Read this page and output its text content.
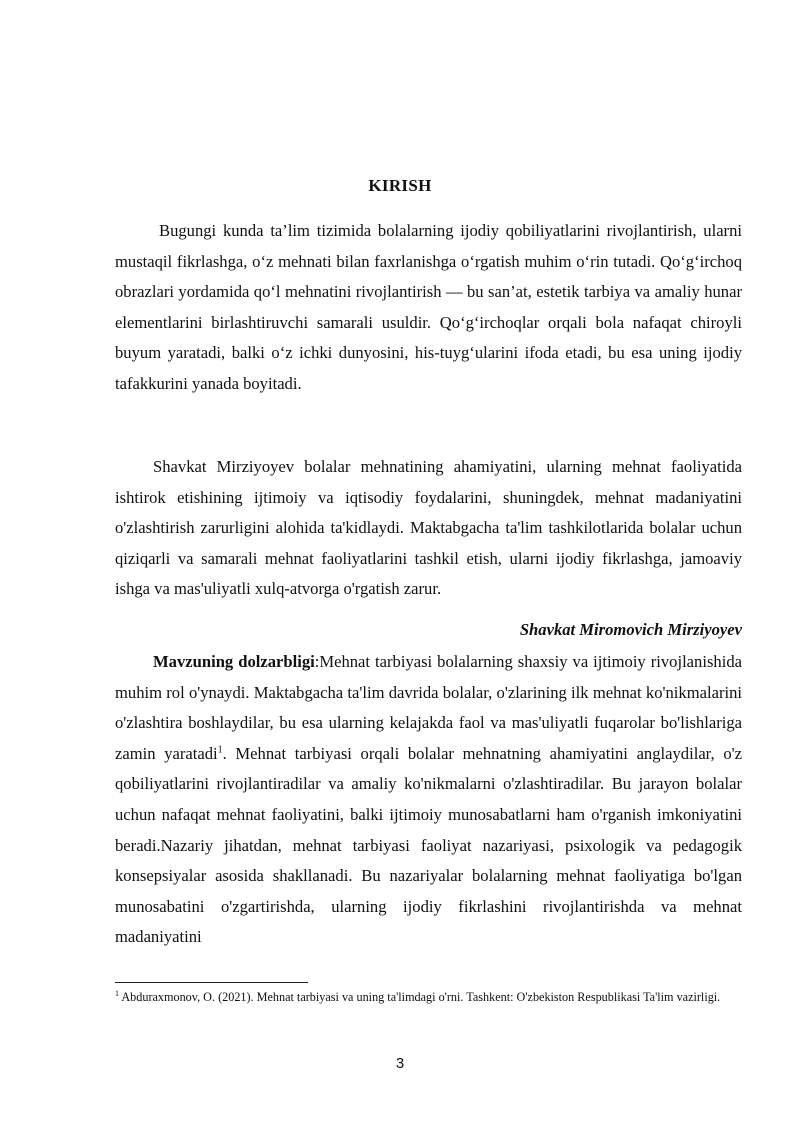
KIRISH

Bugungi kunda ta’lim tizimida bolalarning ijodiy qobiliyatlarini rivojlantirish, ularni mustaqil fikrlashga, o‘z mehnati bilan faxrlanishga o‘rgatish muhim o‘rin tutadi. Qo‘g‘irchoq obrazlari yordamida qo‘l mehnatini rivojlantirish — bu san’at, estetik tarbiya va amaliy hunar elementlarini birlashtiruvchi samarali usuldir. Qo‘g‘irchoqlar orqali bola nafaqat chiroyli buyum yaratadi, balki o‘z ichki dunyosini, his-tuyg‘ularini ifoda etadi, bu esa uning ijodiy tafakkurini yanada boyitadi.

Shavkat Mirziyoyev bolalar mehnatining ahamiyatini, ularning mehnat faoliyatida ishtirok etishining ijtimoiy va iqtisodiy foydalarini, shuningdek, mehnat madaniyatini o'zlashtirish zarurligini alohida ta'kidlaydi. Maktabgacha ta'lim tashkilotlarida bolalar uchun qiziqarli va samarali mehnat faoliyatlarini tashkil etish, ularni ijodiy fikrlashga, jamoaviy ishga va mas'uliyatli xulq-atvorga o'rgatish zarur.

Shavkat Miromovich Mirziyoyev

Mavzuning dolzarbligi:Mehnat tarbiyasi bolalarning shaxsiy va ijtimoiy rivojlanishida muhim rol o'ynaydi. Maktabgacha ta'lim davrida bolalar, o'zlarining ilk mehnat ko'nikmalarini o'zlashtira boshlaydilar, bu esa ularning kelajakda faol va mas'uliyatli fuqarolar bo'lishlariga zamin yaratadi$^1$. Mehnat tarbiyasi orqali bolalar mehnatning ahamiyatini anglaydilar, o'z qobiliyatlarini rivojlantiradilar va amaliy ko'nikmalarni o'zlashtiradilar. Bu jarayon bolalar uchun nafaqat mehnat faoliyatini, balki ijtimoiy munosabatlarni ham o'rganish imkoniyatini beradi.Nazariy jihatdan, mehnat tarbiyasi faoliyat nazariyasi, psixologik va pedagogik konsepsiyalar asosida shakllanadi. Bu nazariyalar bolalarning mehnat faoliyatiga bo'lgan munosabatini o'zgartirishda, ularning ijodiy fikrlashini rivojlantirishda va mehnat madaniyatini

$^1$ Abduraxmonov, O. (2021). Mehnat tarbiyasi va uning ta'limdagi o'rni. Tashkent: O'zbekiston Respublikasi Ta'lim vazirligi.

3
